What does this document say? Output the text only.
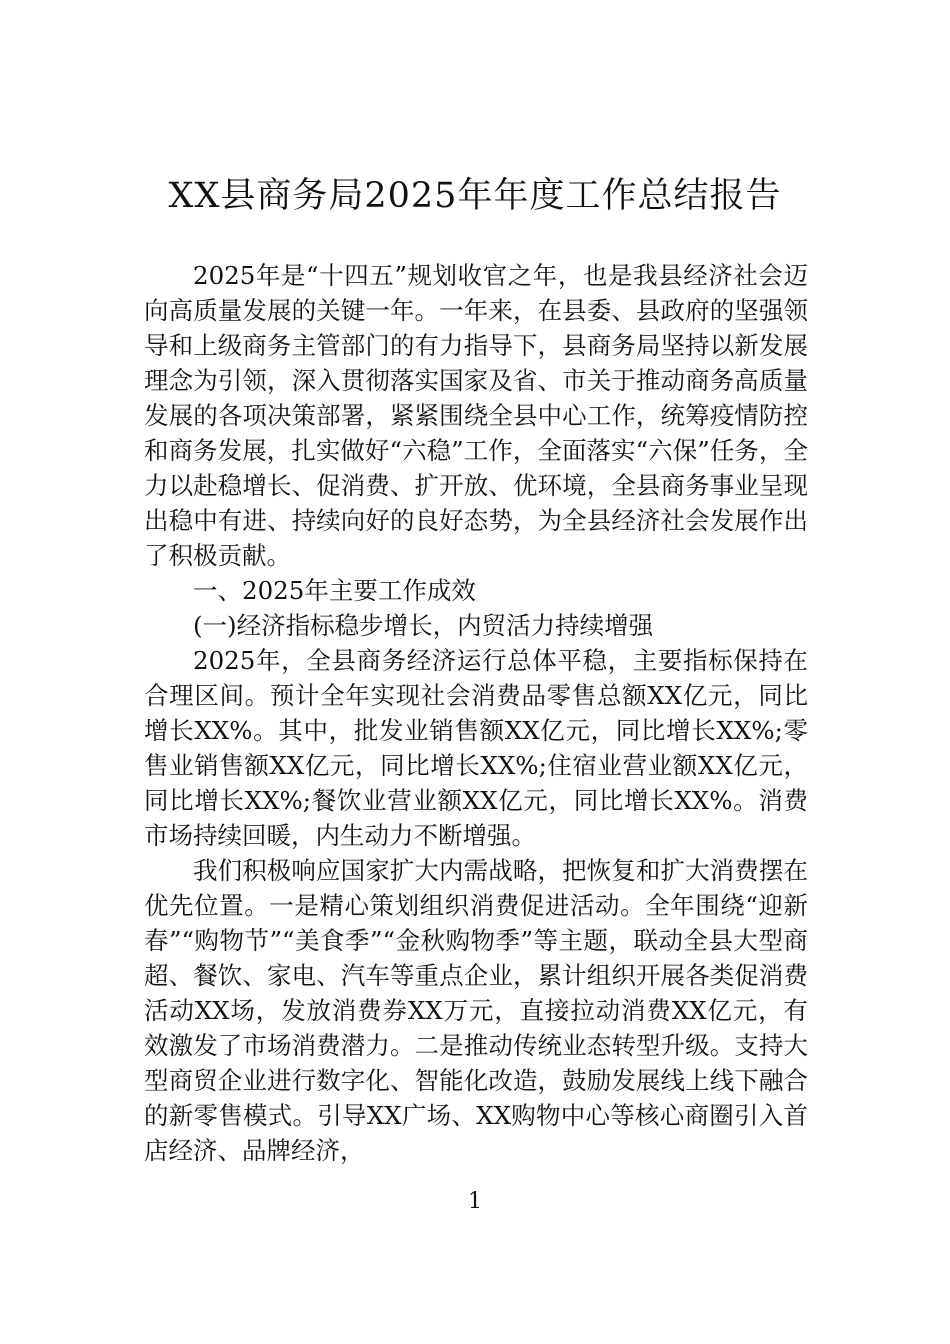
XX县商务局2025年年度工作总结报告

2025年是“十四五”规划收官之年，也是我县经济社会迈向高质量发展的关键一年。一年来，在县委、县政府的坚强领导和上级商务主管部门的有力指导下，县商务局坚持以新发展理念为引领，深入贯彻落实国家及省、市关于推动商务高质量发展的各项决策部署，紧紧围绕全县中心工作，统筹疫情防控和商务发展，扎实做好“六稳”工作，全面落实“六保”任务，全力以赴稳增长、促消费、扩开放、优环境，全县商务事业呈现出稳中有进、持续向好的良好态势，为全县经济社会发展作出了积极贡献。

一、2025年主要工作成效

(一)经济指标稳步增长，内贸活力持续增强

2025年，全县商务经济运行总体平稳，主要指标保持在合理区间。预计全年实现社会消费品零售总额XX亿元，同比增长XX%。其中，批发业销售额XX亿元，同比增长XX%;零售业销售额XX亿元，同比增长XX%;住宿业营业额XX亿元，同比增长XX%;餐饮业营业额XX亿元，同比增长XX%。消费市场持续回暖，内生动力不断增强。

我们积极响应国家扩大内需战略，把恢复和扩大消费摆在优先位置。一是精心策划组织消费促进活动。全年围绕“迎新春”“购物节”“美食季”“金秋购物季”等主题，联动全县大型商超、餐饮、家电、汽车等重点企业，累计组织开展各类促消费活动XX场，发放消费券XX万元，直接拉动消费XX亿元，有效激发了市场消费潜力。二是推动传统业态转型升级。支持大型商贸企业进行数字化、智能化改造，鼓励发展线上线下融合的新零售模式。引导XX广场、XX购物中心等核心商圈引入首店经济、品牌经济，

1
